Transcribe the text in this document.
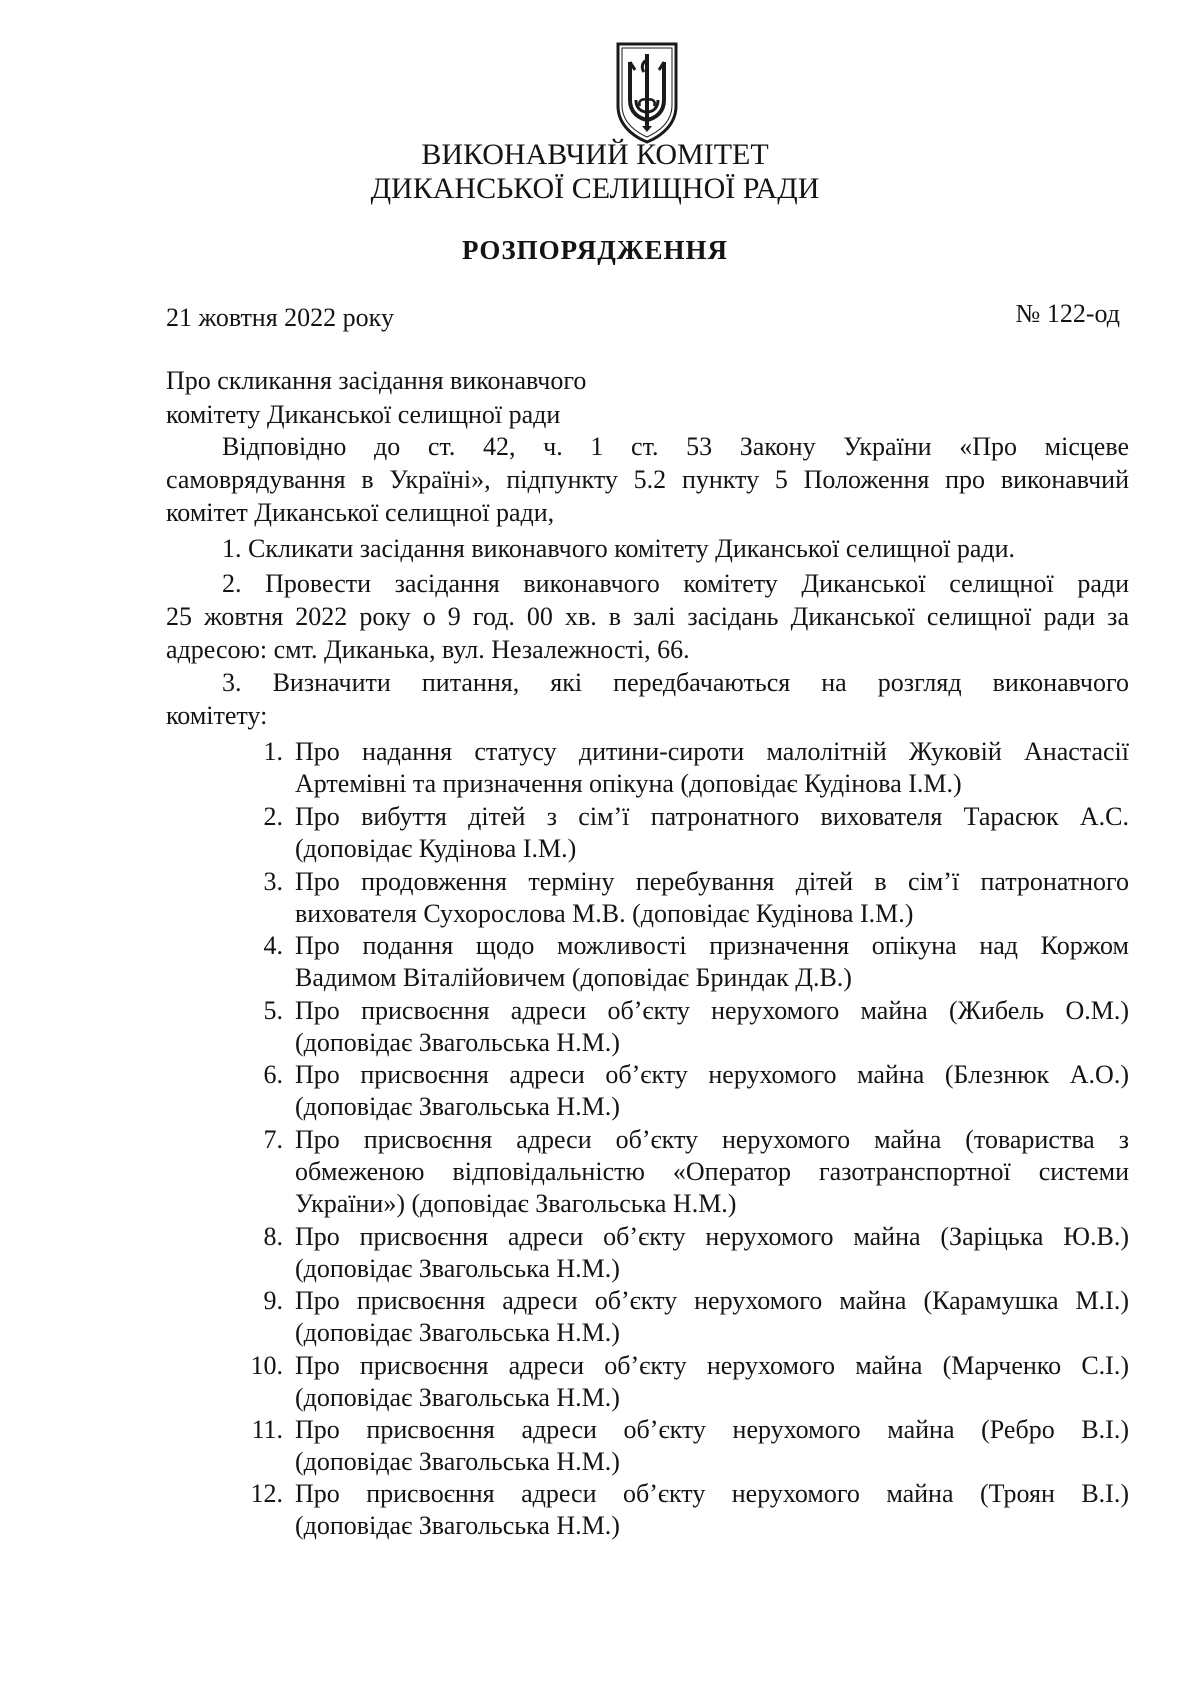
ВИКОНАВЧИЙ КОМІТЕТ
ДИКАНСЬКОЇ СЕЛИЩНОЇ РАДИ
РОЗПОРЯДЖЕННЯ
21 жовтня 2022 року	№ 122-од
Про скликання засідання виконавчого
комітету Диканської селищної ради
Відповідно до ст. 42, ч. 1 ст. 53 Закону України «Про місцеве
самоврядування в Україні», підпункту 5.2 пункту 5 Положення про виконавчий
комітет Диканської селищної ради,
1. Скликати засідання виконавчого комітету Диканської селищної ради.
2. Провести засідання виконавчого комітету Диканської селищної ради
25 жовтня 2022 року о 9 год. 00 хв. в залі засідань Диканської селищної ради за
адресою: смт. Диканька, вул. Незалежності, 66.
3. Визначити питання, які передбачаються на розгляд виконавчого
комітету:
1. Про надання статусу дитини-сироти малолітній Жуковій Анастасії
Артемівні та призначення опікуна (доповідає Кудінова І.М.)
2. Про вибуття дітей з сім’ї патронатного вихователя Тарасюк А.С.
(доповідає Кудінова І.М.)
3. Про продовження терміну перебування дітей в сім’ї патронатного
вихователя Сухорослова М.В. (доповідає Кудінова І.М.)
4. Про подання щодо можливості призначення опікуна над Коржом
Вадимом Віталійовичем (доповідає Бриндак Д.В.)
5. Про присвоєння адреси об’єкту нерухомого майна (Жибель О.М.)
(доповідає Звагольська Н.М.)
6. Про присвоєння адреси об’єкту нерухомого майна (Блезнюк А.О.)
(доповідає Звагольська Н.М.)
7. Про присвоєння адреси об’єкту нерухомого майна (товариства з
обмеженою відповідальністю «Оператор газотранспортної системи
України») (доповідає Звагольська Н.М.)
8. Про присвоєння адреси об’єкту нерухомого майна (Заріцька Ю.В.)
(доповідає Звагольська Н.М.)
9. Про присвоєння адреси об’єкту нерухомого майна (Карамушка М.І.)
(доповідає Звагольська Н.М.)
10. Про присвоєння адреси об’єкту нерухомого майна (Марченко С.І.)
(доповідає Звагольська Н.М.)
11. Про присвоєння адреси об’єкту нерухомого майна (Ребро В.І.)
(доповідає Звагольська Н.М.)
12. Про присвоєння адреси об’єкту нерухомого майна (Троян В.І.)
(доповідає Звагольська Н.М.)
